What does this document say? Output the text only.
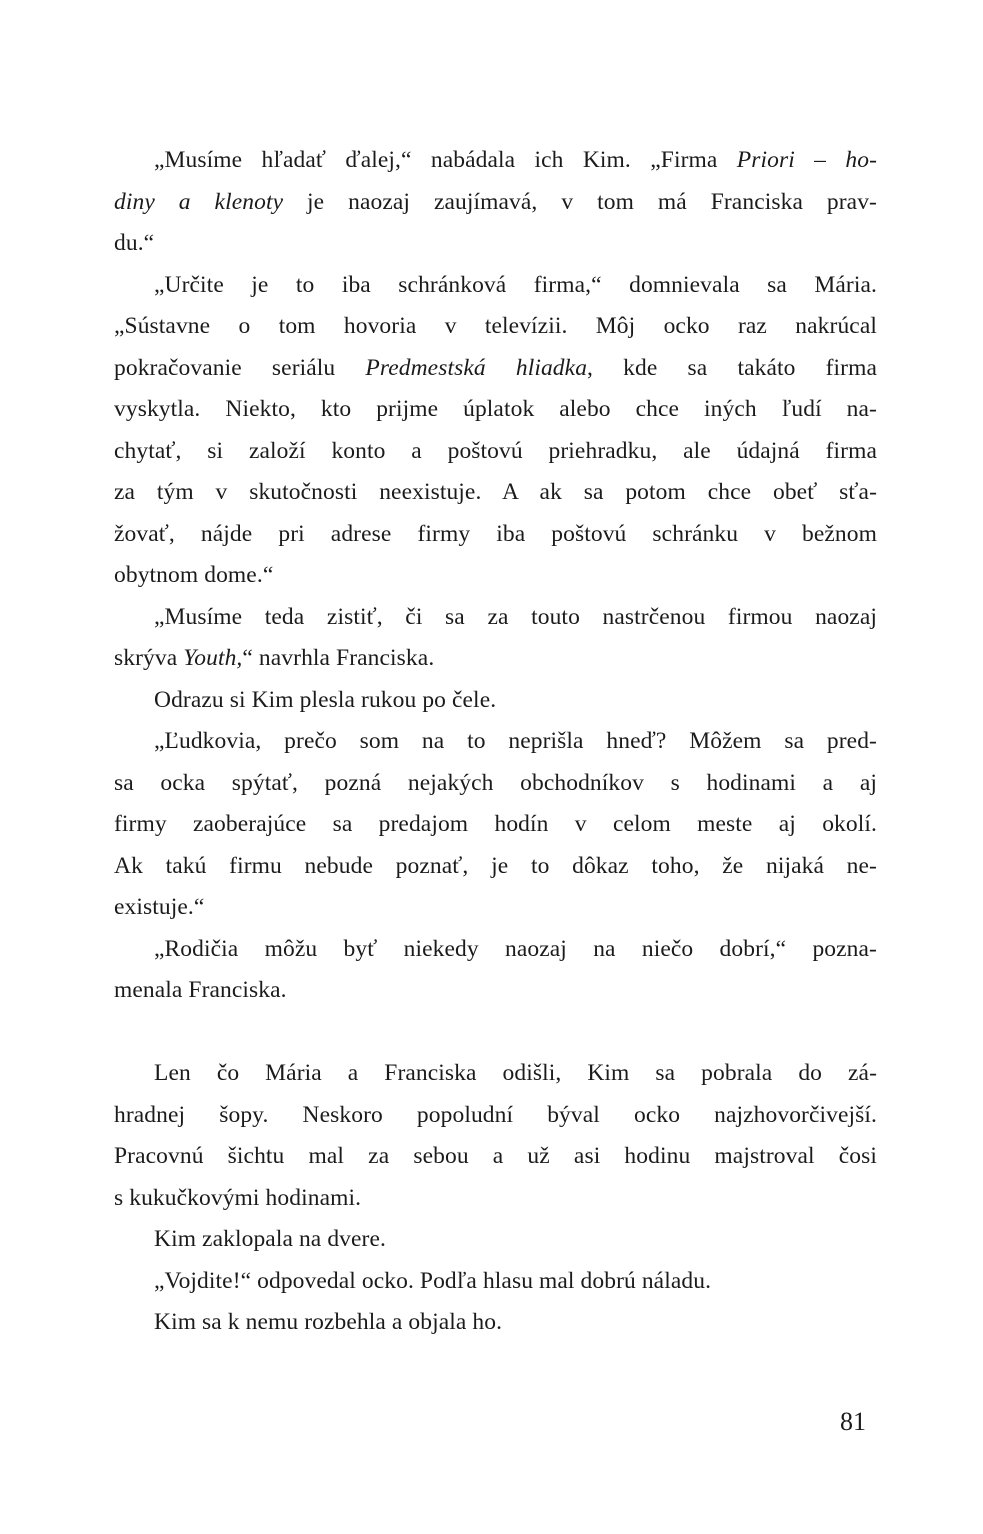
„Musíme hľadať ďalej,“ nabádala ich Kim. „Firma Priori – ho-
diny a klenoty je naozaj zaujímavá, v tom má Franciska prav-
du.“
„Určite je to iba schránková firma,“ domnievala sa Mária.
„Sústavne o tom hovoria v televízii. Môj ocko raz nakrúcal
pokračovanie seriálu Predmestská hliadka, kde sa takáto firma
vyskytla. Niekto, kto prijme úplatok alebo chce iných ľudí na-
chytať, si založí konto a poštovú priehradku, ale údajná firma
za tým v skutočnosti neexistuje. A ak sa potom chce obeť sťa-
žovať, nájde pri adrese firmy iba poštovú schránku v bežnom
obytnom dome.“
„Musíme teda zistiť, či sa za touto nastrčenou firmou naozaj
skrýva Youth,“ navrhla Franciska.
Odrazu si Kim plesla rukou po čele.
„Ľudkovia, prečo som na to neprišla hneď? Môžem sa pred-
sa ocka spýtať, pozná nejakých obchodníkov s hodinami a aj
firmy zaoberajúce sa predajom hodín v celom meste aj okolí.
Ak takú firmu nebude poznať, je to dôkaz toho, že nijaká ne-
existuje.“
„Rodičia môžu byť niekedy naozaj na niečo dobrí,“ pozna-
menala Franciska.
Len čo Mária a Franciska odišli, Kim sa pobrala do zá-
hradnej šopy. Neskoro popoludní býval ocko najzhovorčivejší.
Pracovnú šichtu mal za sebou a už asi hodinu majstroval čosi
s kukučkovými hodinami.
Kim zaklopala na dvere.
„Vojdite!“ odpovedal ocko. Podľa hlasu mal dobrú náladu.
Kim sa k nemu rozbehla a objala ho.
81
